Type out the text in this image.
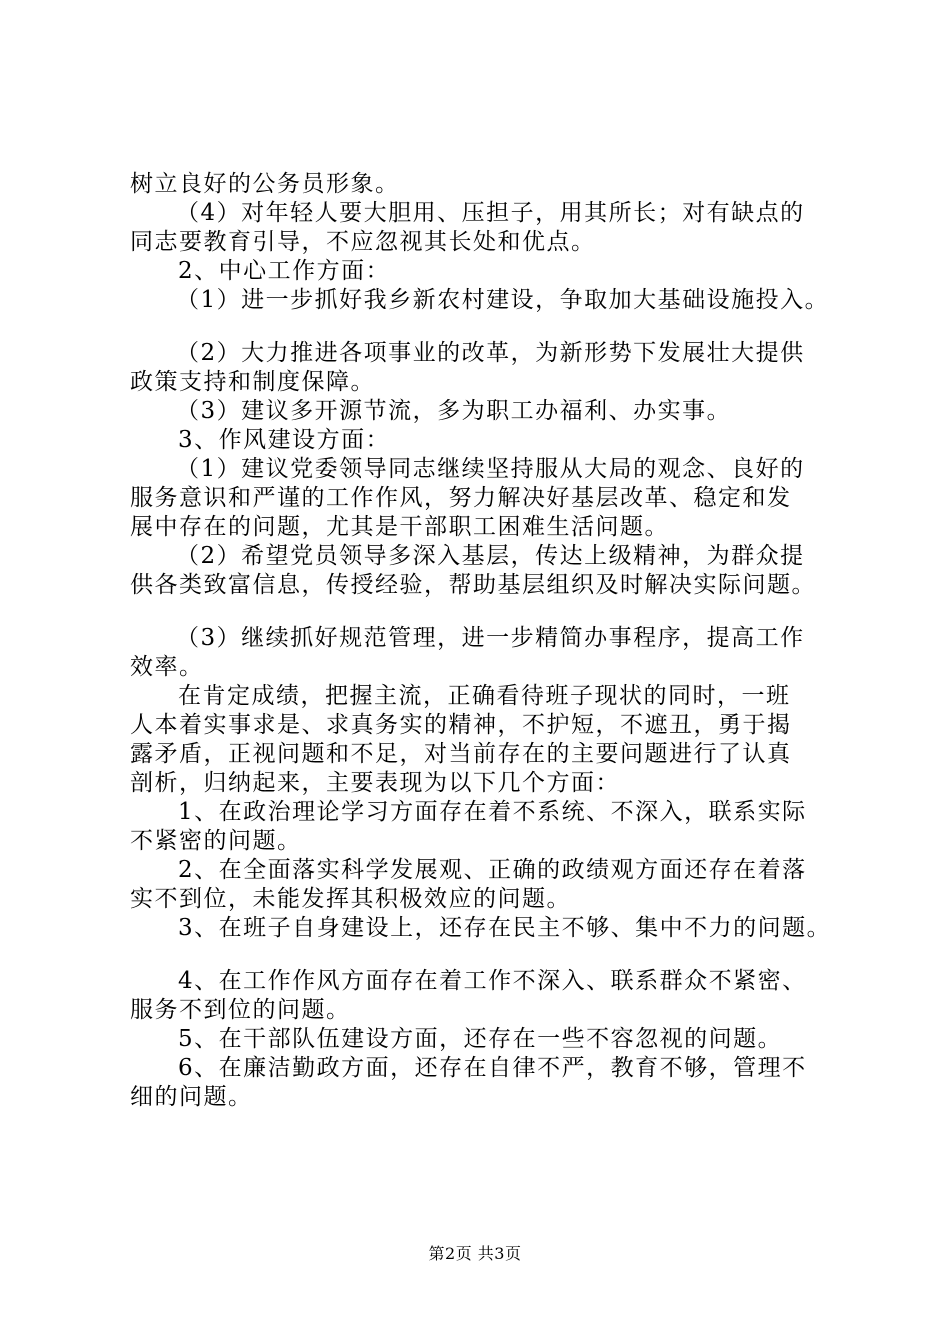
树立良好的公务员形象。
（4）对年轻人要大胆用、压担子，用其所长；对有缺点的
同志要教育引导，不应忽视其长处和优点。
2、中心工作方面：
（1）进一步抓好我乡新农村建设，争取加大基础设施投入。
（2）大力推进各项事业的改革，为新形势下发展壮大提供
政策支持和制度保障。
（3）建议多开源节流，多为职工办福利、办实事。
3、作风建设方面：
（1）建议党委领导同志继续坚持服从大局的观念、良好的
服务意识和严谨的工作作风，努力解决好基层改革、稳定和发
展中存在的问题，尤其是干部职工困难生活问题。
（2）希望党员领导多深入基层，传达上级精神，为群众提
供各类致富信息，传授经验，帮助基层组织及时解决实际问题。
（3）继续抓好规范管理，进一步精简办事程序，提高工作
效率。
在肯定成绩，把握主流，正确看待班子现状的同时，一班
人本着实事求是、求真务实的精神，不护短，不遮丑，勇于揭
露矛盾，正视问题和不足，对当前存在的主要问题进行了认真
剖析，归纳起来，主要表现为以下几个方面：
1、在政治理论学习方面存在着不系统、不深入，联系实际
不紧密的问题。
2、在全面落实科学发展观、正确的政绩观方面还存在着落
实不到位，未能发挥其积极效应的问题。
3、在班子自身建设上，还存在民主不够、集中不力的问题。
4、在工作作风方面存在着工作不深入、联系群众不紧密、
服务不到位的问题。
5、在干部队伍建设方面，还存在一些不容忽视的问题。
6、在廉洁勤政方面，还存在自律不严，教育不够，管理不
细的问题。
第2页 共3页
